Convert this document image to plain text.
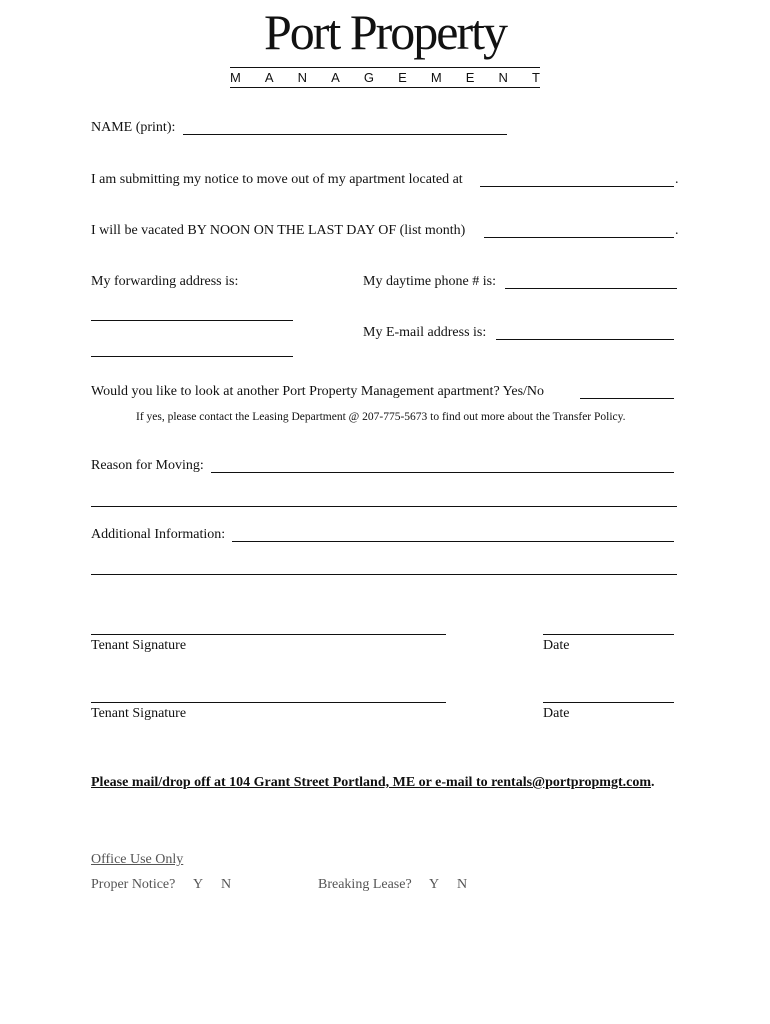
Port Property
M A N A G E M E N T
NAME (print):
I am submitting my notice to move out of my apartment located at	.
I will be vacated BY NOON ON THE LAST DAY OF (list month)	.
My forwarding address is:	My daytime phone # is:
My E-mail address is:
Would you like to look at another Port Property Management apartment? Yes/No
If yes, please contact the Leasing Department @ 207-775-5673 to find out more about the Transfer Policy.
Reason for Moving:
Additional Information:
Tenant Signature	Date
Tenant Signature	Date
Please mail/drop off at 104 Grant Street Portland, ME or e-mail to rentals@portpropmgt.com.
Office Use Only
Proper Notice? Y N	Breaking Lease? Y N
